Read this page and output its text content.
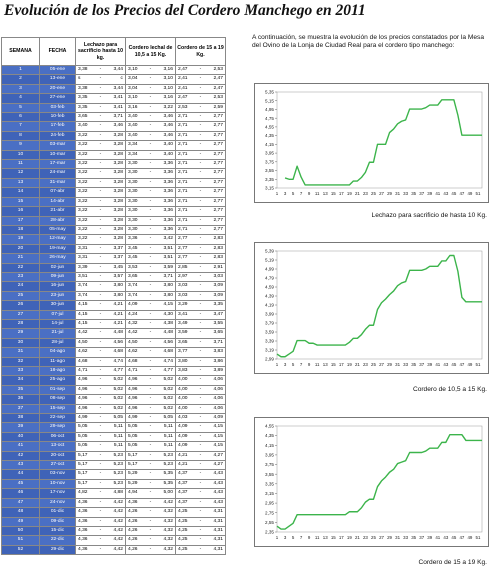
Evolución de los Precios del Cordero Manchego en 2011
SEMANA	FECHA	Lechazo para sacrificio hasta 10 kg.			Cordero lechal de 10,5 a 15 Kg.			Cordero de 15 a 19 Kg.		
1	05-ene	3,38	-	3,44	3,10	-	3,16	2,47	-	2,53
2	13-ene	s	-	c	3,04	-	3,10	2,41	-	2,47
3	20-ene	3,38	-	3,44	3,04	-	3,10	2,41	-	2,47
4	27-ene	3,35	-	3,41	3,10	-	3,16	2,47	-	2,53
5	03-feb	3,35	-	3,41	3,16	-	3,22	2,53	-	2,59
6	10-feb	3,65	-	3,71	3,40	-	3,46	2,71	-	2,77
7	17-feb	3,40	-	3,46	3,40	-	3,46	2,71	-	2,77
8	24-feb	3,22	-	3,28	3,40	-	3,46	2,71	-	2,77
9	03-mar	3,22	-	3,28	3,34	-	3,40	2,71	-	2,77
10	10-mar	3,22	-	3,28	3,34	-	3,40	2,71	-	2,77
11	17-mar	3,22	-	3,28	3,30	-	3,36	2,71	-	2,77
12	24-mar	3,22	-	3,28	3,30	-	3,36	2,71	-	2,77
13	31-mar	3,22	-	3,28	3,30	-	3,36	2,71	-	2,77
14	07-abr	3,22	-	3,28	3,30	-	3,36	2,71	-	2,77
15	14-abr	3,22	-	3,28	3,30	-	3,36	2,71	-	2,77
16	21-abr	3,22	-	3,28	3,30	-	3,36	2,71	-	2,77
17	28-abr	3,22	-	3,28	3,30	-	3,36	2,71	-	2,77
18	05-may	3,22	-	3,28	3,30	-	3,36	2,71	-	2,77
19	12-may	3,22	-	3,28	3,36	-	3,42	2,77	-	2,83
20	19-may	3,31	-	3,37	3,45	-	3,51	2,77	-	2,83
21	26-may	3,31	-	3,37	3,45	-	3,51	2,77	-	2,83
22	02-jun	3,39	-	3,45	3,53	-	3,59	2,85	-	2,91
23	09-jun	3,51	-	3,57	3,65	-	3,71	2,97	-	3,03
24	16-jun	3,74	-	3,80	3,74	-	3,80	3,03	-	3,09
25	23-jun	3,74	-	3,80	3,74	-	3,80	3,03	-	3,09
26	30-jun	4,15	-	4,21	4,09	-	4,15	3,29	-	3,35
27	07-jul	4,15	-	4,21	4,24	-	4,30	3,41	-	3,47
28	14-jul	4,15	-	4,21	4,32	-	4,38	3,49	-	3,55
29	21-jul	4,42	-	4,48	4,42	-	4,48	3,59	-	3,65
30	28-jul	4,50	-	4,56	4,50	-	4,56	3,65	-	3,71
31	04-ago	4,62	-	4,68	4,62	-	4,68	3,77	-	3,83
32	11-ago	4,68	-	4,74	4,68	-	4,74	3,80	-	3,86
33	18-ago	4,71	-	4,77	4,71	-	4,77	3,83	-	3,89
34	25-ago	4,96	-	5,02	4,96	-	5,02	4,00	-	4,06
35	01-sep	4,96	-	5,02	4,96	-	5,02	4,00	-	4,06
36	08-sep	4,96	-	5,02	4,96	-	5,02	4,00	-	4,06
37	15-sep	4,96	-	5,02	4,96	-	5,02	4,00	-	4,06
38	22-sep	4,99	-	5,05	4,99	-	5,05	4,03	-	4,09
39	29-sep	5,05	-	5,11	5,05	-	5,11	4,09	-	4,15
40	06-oct	5,05	-	5,11	5,05	-	5,11	4,09	-	4,15
41	13-oct	5,05	-	5,11	5,05	-	5,11	4,09	-	4,15
42	20-oct	5,17	-	5,23	5,17	-	5,23	4,21	-	4,27
43	27-oct	5,17	-	5,23	5,17	-	5,23	4,21	-	4,27
44	03-nov	5,17	-	5,23	5,29	-	5,35	4,37	-	4,43
45	10-nov	5,17	-	5,23	5,29	-	5,35	4,37	-	4,43
46	17-nov	4,82	-	4,88	4,94	-	5,00	4,37	-	4,43
47	24-nov	4,36	-	4,42	4,36	-	4,42	4,37	-	4,43
48	01-dic	4,36	-	4,42	4,26	-	4,32	4,25	-	4,31
49	09-dic	4,36	-	4,42	4,26	-	4,32	4,25	-	4,31
50	15-dic	4,36	-	4,42	4,26	-	4,32	4,25	-	4,31
51	22-dic	4,36	-	4,42	4,26	-	4,32	4,25	-	4,31
52	29-dic	4,36	-	4,42	4,26	-	4,32	4,25	-	4,31
A continuación, se muestra la evolución de los precios constatados por la Mesa del Ovino de la Lonja de Ciudad Real para el cordero tipo manchego:
5,35
5,15
4,95
4,75
4,55
4,35
4,15
3,95
3,75
3,55
3,35
3,15
1 3 5 7 9 11 13 15 17 19 21 23 25 27 29 31 33 35 37 39 41 43 45 47 49 51
Lechazo para sacrificio de hasta 10 Kg.
5,39
5,19
4,99
4,79
4,59
4,39
4,19
3,99
3,79
3,59
3,39
3,19
2,99
1 3 5 7 9 11 13 15 17 19 21 23 25 27 29 31 33 35 37 39 41 43 45 47 49 51
Cordero de 10,5 a 15 Kg.
4,55
4,35
4,15
3,95
3,75
3,55
3,35
3,15
2,95
2,75
2,55
2,35
1 3 5 7 9 11 13 15 17 19 21 23 25 27 29 31 33 35 37 39 41 43 45 47 49 51
Cordero de 15 a 19 Kg.
